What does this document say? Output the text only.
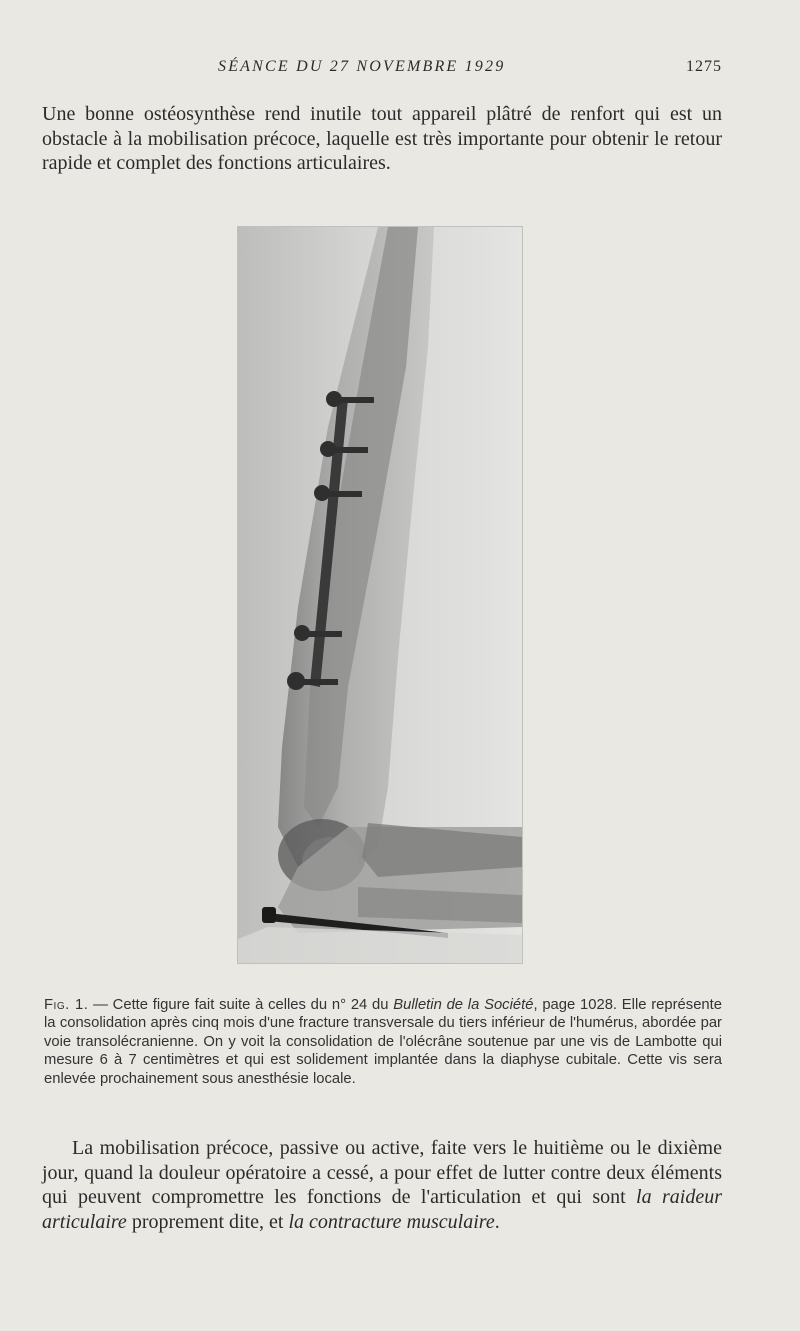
SÉANCE DU 27 NOVEMBRE 1929	1275

Une bonne ostéosynthèse rend inutile tout appareil plâtré de renfort qui est un obstacle à la mobilisation précoce, laquelle est très importante pour obtenir le retour rapide et complet des fonctions articulaires.

Fig. 1. — Cette figure fait suite à celles du n° 24 du Bulletin de la Société, page 1028. Elle représente la consolidation après cinq mois d'une fracture transversale du tiers inférieur de l'humérus, abordée par voie transolécranienne. On y voit la consolidation de l'olécrâne soutenue par une vis de Lambotte qui mesure 6 à 7 centimètres et qui est solidement implantée dans la diaphyse cubitale. Cette vis sera enlevée prochainement sous anesthésie locale.

La mobilisation précoce, passive ou active, faite vers le huitième ou le dixième jour, quand la douleur opératoire a cessé, a pour effet de lutter contre deux éléments qui peuvent compromettre les fonctions de l'articulation et qui sont la raideur articulaire proprement dite, et la contracture musculaire.
